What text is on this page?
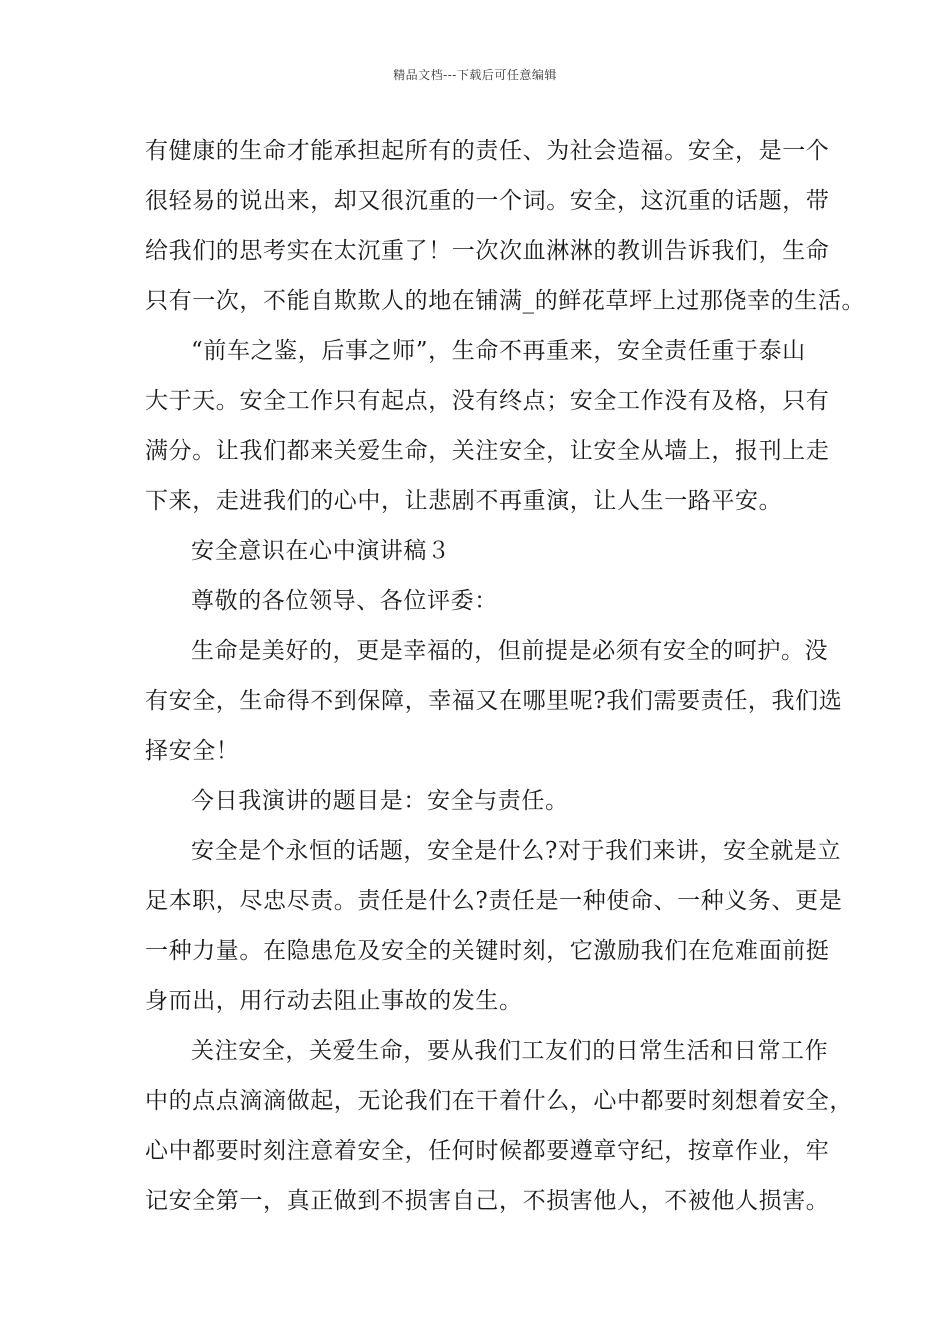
精品文档---下载后可任意编辑
有健康的生命才能承担起所有的责任、为社会造福。安全，是一个
很轻易的说出来，却又很沉重的一个词。安全，这沉重的话题，带
给我们的思考实在太沉重了！一次次血淋淋的教训告诉我们，生命
只有一次，不能自欺欺人的地在铺满_的鲜花草坪上过那侥幸的生活。
“前车之鉴，后事之师”，生命不再重来，安全责任重于泰山
大于天。安全工作只有起点，没有终点；安全工作没有及格，只有
满分。让我们都来关爱生命，关注安全，让安全从墙上，报刊上走
下来，走进我们的心中，让悲剧不再重演，让人生一路平安。
安全意识在心中演讲稿３
尊敬的各位领导、各位评委：
生命是美好的，更是幸福的，但前提是必须有安全的呵护。没
有安全，生命得不到保障，幸福又在哪里呢?我们需要责任，我们选
择安全！
今日我演讲的题目是：安全与责任。
安全是个永恒的话题，安全是什么?对于我们来讲，安全就是立
足本职，尽忠尽责。责任是什么?责任是一种使命、一种义务、更是
一种力量。在隐患危及安全的关键时刻，它激励我们在危难面前挺
身而出，用行动去阻止事故的发生。
关注安全，关爱生命，要从我们工友们的日常生活和日常工作
中的点点滴滴做起，无论我们在干着什么，心中都要时刻想着安全，
心中都要时刻注意着安全，任何时候都要遵章守纪，按章作业，牢
记安全第一，真正做到不损害自己，不损害他人，不被他人损害。
